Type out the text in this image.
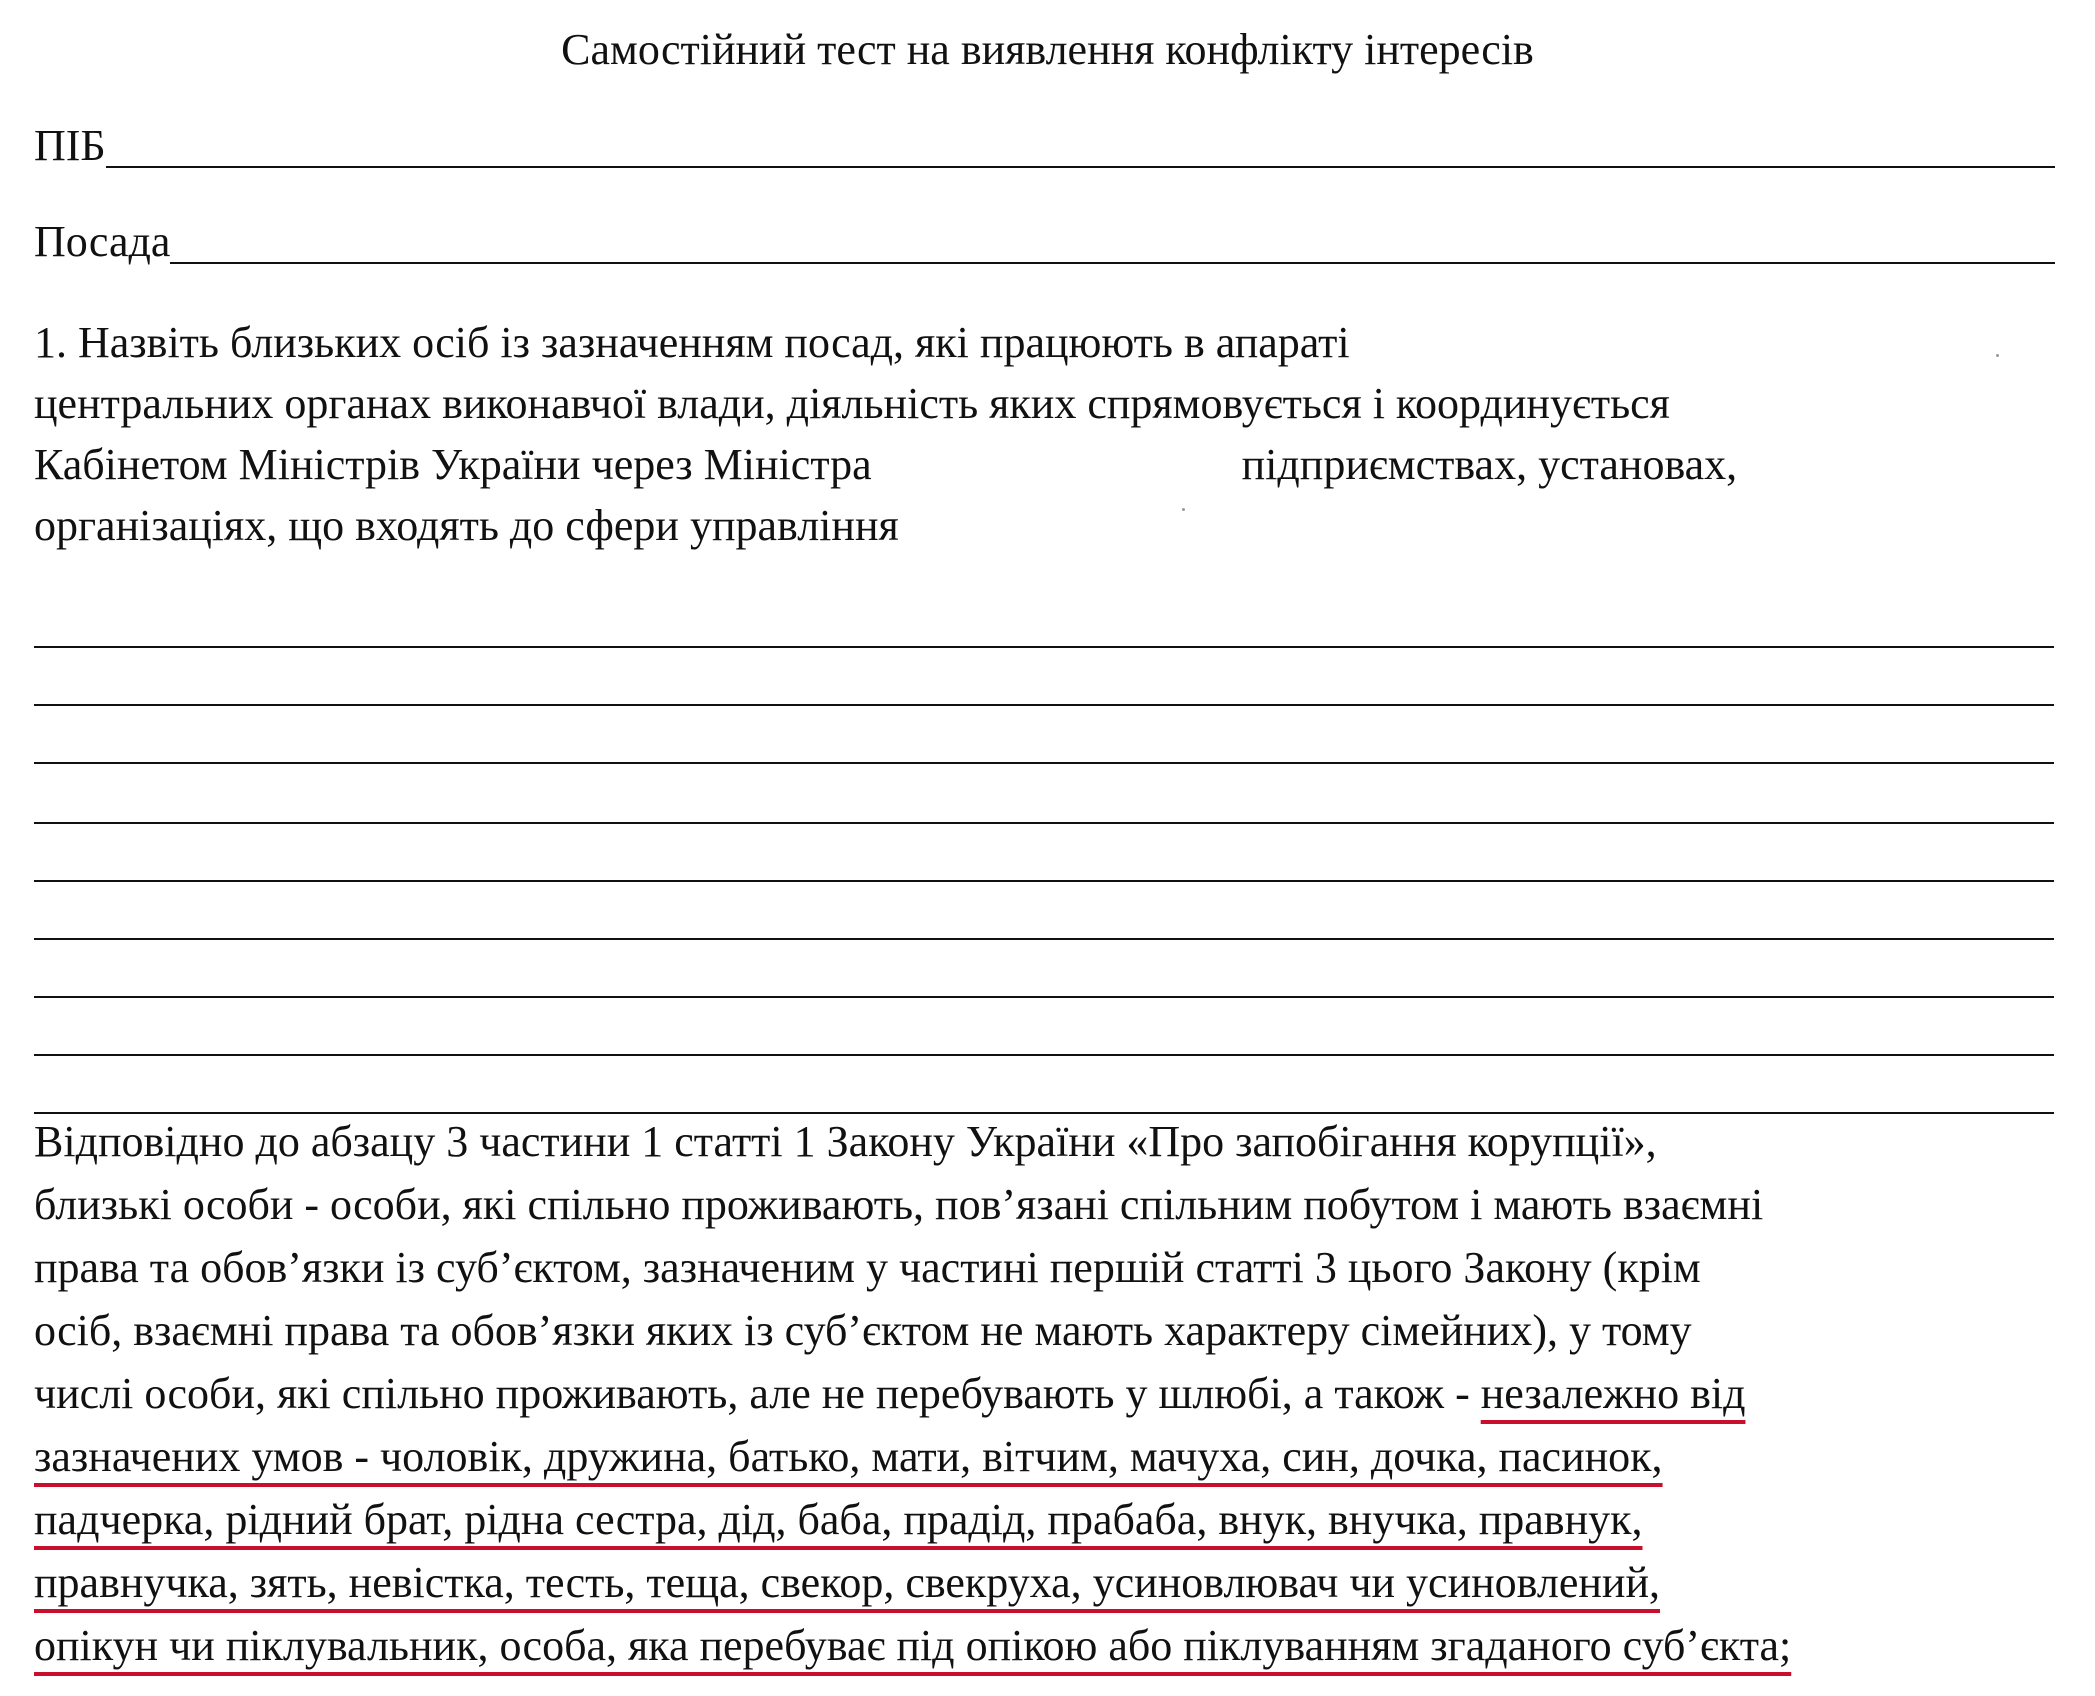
Самостійний тест на виявлення конфлікту інтересів
ПІБ
Посада
1. Назвіть близьких осіб із зазначенням посад, які працюють в апараті
центральних органах виконавчої влади, діяльність яких спрямовується і координується
Кабінетом Міністрів України через Міністра	підприємствах, установах,
організаціях, що входять до сфери управління
Відповідно до абзацу 3 частини 1 статті 1 Закону України «Про запобігання корупції»,
близькі особи - особи, які спільно проживають, пов’язані спільним побутом і мають взаємні
права та обов’язки із суб’єктом, зазначеним у частині першій статті 3 цього Закону (крім
осіб, взаємні права та обов’язки яких із суб’єктом не мають характеру сімейних), у тому
числі особи, які спільно проживають, але не перебувають у шлюбі, а також - незалежно від
зазначених умов - чоловік, дружина, батько, мати, вітчим, мачуха, син, дочка, пасинок,
падчерка, рідний брат, рідна сестра, дід, баба, прадід, прабаба, внук, внучка, правнук,
правнучка, зять, невістка, тесть, теща, свекор, свекруха, усиновлювач чи усиновлений,
опікун чи піклувальник, особа, яка перебуває під опікою або піклуванням згаданого суб’єкта;
